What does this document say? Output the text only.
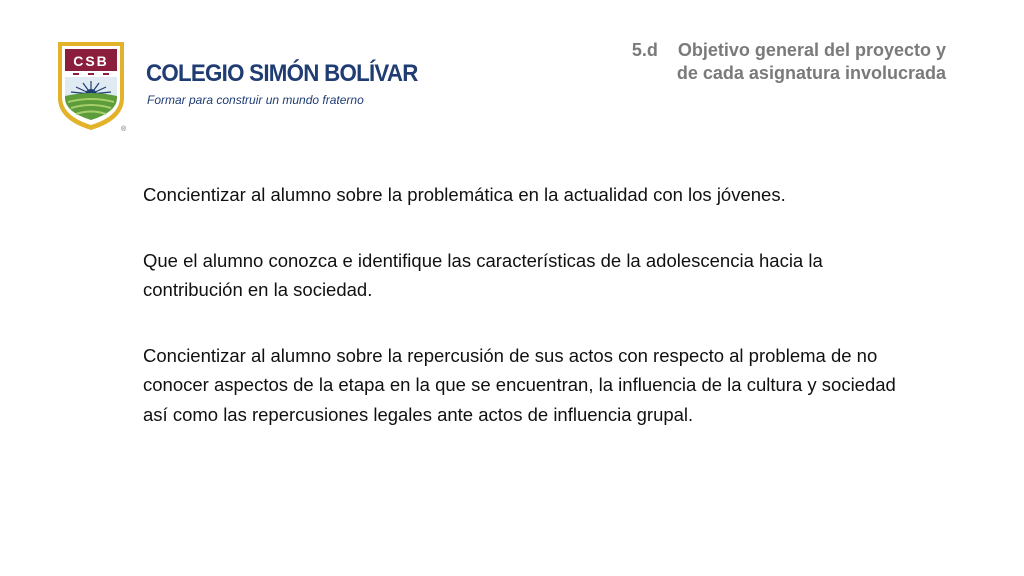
CSB
®
COLEGIO SIMÓN BOLÍVAR
Formar para construir un mundo fraterno
5.d Objetivo general del proyecto y
de cada asignatura involucrada

Concientizar al alumno sobre la problemática en la actualidad con los jóvenes.

Que el alumno conozca e identifique las características de la adolescencia hacia la contribución en la sociedad.

Concientizar al alumno sobre la repercusión de sus actos con respecto al problema de no conocer aspectos de la etapa en la que se encuentran, la influencia de la cultura y sociedad así como las repercusiones legales ante actos de influencia grupal.
